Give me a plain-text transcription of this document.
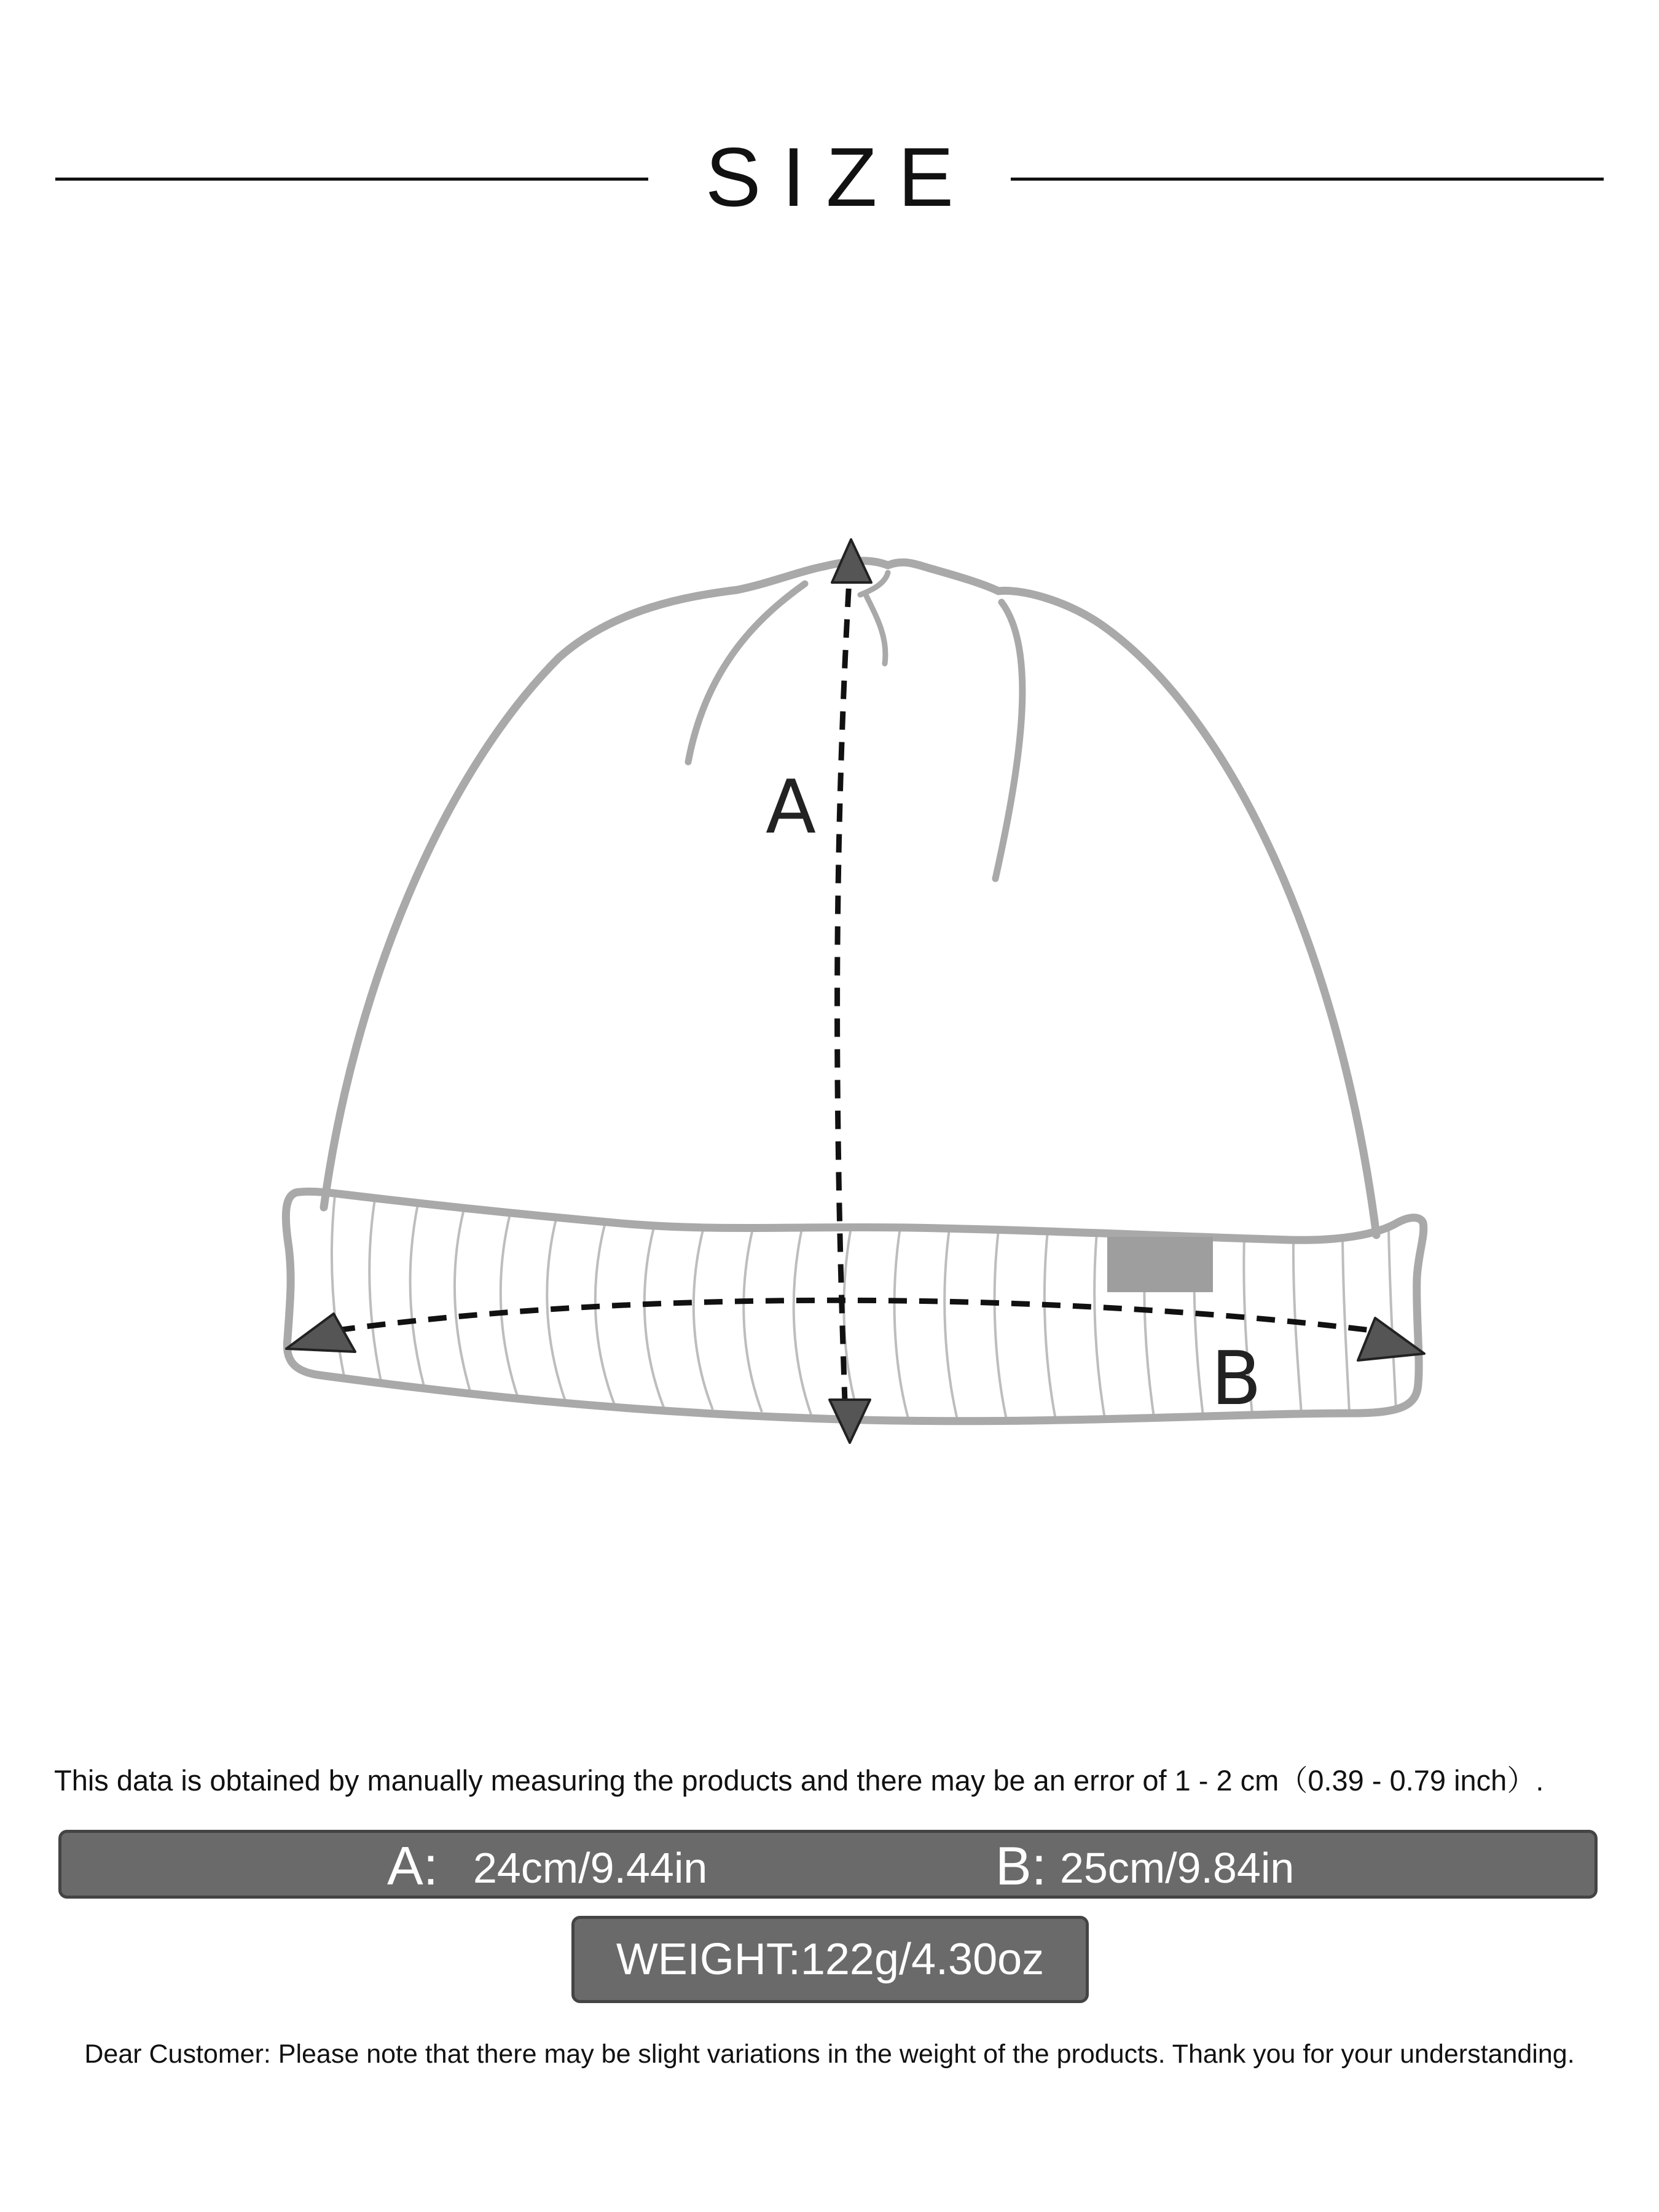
SIZE
A
B
This data is obtained by manually measuring the products and there may be an error of 1 - 2 cm（0.39 - 0.79 inch）.
A: 24cm/9.44in	B: 25cm/9.84in
WEIGHT:122g/4.30oz
Dear Customer: Please note that there may be slight variations in the weight of the products. Thank you for your understanding.
